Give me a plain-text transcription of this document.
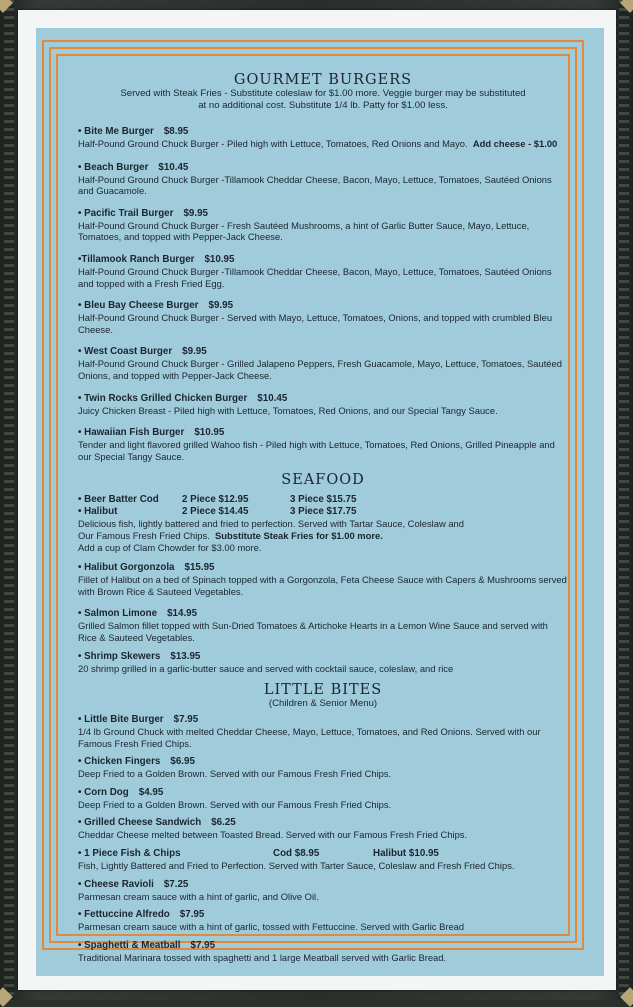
GOURMET BURGERS

Served with Steak Fries - Substitute coleslaw for $1.00 more. Veggie burger may be substituted

at no additional cost. Substitute 1/4 lb. Patty for $1.00 less.

• Bite Me Burger $8.95

Half-Pound Ground Chuck Burger - Piled high with Lettuce, Tomatoes, Red Onions and Mayo. Add cheese - $1.00

• Beach Burger $10.45

Half-Pound Ground Chuck Burger -Tillamook Cheddar Cheese, Bacon, Mayo, Lettuce, Tomatoes, Sautéed Onions and Guacamole.

• Pacific Trail Burger $9.95

Half-Pound Ground Chuck Burger - Fresh Sautéed Mushrooms, a hint of Garlic Butter Sauce, Mayo, Lettuce, Tomatoes, and topped with Pepper-Jack Cheese.

•Tillamook Ranch Burger $10.95

Half-Pound Ground Chuck Burger -Tillamook Cheddar Cheese, Bacon, Mayo, Lettuce, Tomatoes, Sautéed Onions and topped with a Fresh Fried Egg.

• Bleu Bay Cheese Burger $9.95

Half-Pound Ground Chuck Burger - Served with Mayo, Lettuce, Tomatoes, Onions, and topped with crumbled Bleu Cheese.

• West Coast Burger $9.95

Half-Pound Ground Chuck Burger - Grilled Jalapeno Peppers, Fresh Guacamole, Mayo, Lettuce, Tomatoes, Sautéed Onions, and topped with Pepper-Jack Cheese.

• Twin Rocks Grilled Chicken Burger $10.45

Juicy Chicken Breast - Piled high with Lettuce, Tomatoes, Red Onions, and our Special Tangy Sauce.

• Hawaiian Fish Burger $10.95

Tender and light flavored grilled Wahoo fish - Piled high with Lettuce, Tomatoes, Red Onions, Grilled Pineapple and our Special Tangy Sauce.

SEAFOOD
• Beer Batter Cod	2 Piece $12.95	3 Piece $15.75
• Halibut	2 Piece $14.45	3 Piece $17.75

Delicious fish, lightly battered and fried to perfection. Served with Tartar Sauce, Coleslaw and

Our Famous Fresh Fried Chips. Substitute Steak Fries for $1.00 more.

Add a cup of Clam Chowder for $3.00 more.

• Halibut Gorgonzola $15.95

Fillet of Halibut on a bed of Spinach topped with a Gorgonzola, Feta Cheese Sauce with Capers & Mushrooms served with Brown Rice & Sauteed Vegetables.

• Salmon Limone $14.95

Grilled Salmon fillet topped with Sun-Dried Tomatoes & Artichoke Hearts in a Lemon Wine Sauce and served with Rice & Sauteed Vegetables.

• Shrimp Skewers $13.95

20 shrimp grilled in a garlic-butter sauce and served with cocktail sauce, coleslaw, and rice

LITTLE BITES

(Children & Senior Menu)

• Little Bite Burger $7.95

1/4 lb Ground Chuck with melted Cheddar Cheese, Mayo, Lettuce, Tomatoes, and Red Onions. Served with our Famous Fresh Fried Chips.

• Chicken Fingers $6.95

Deep Fried to a Golden Brown. Served with our Famous Fresh Fried Chips.

• Corn Dog $4.95

Deep Fried to a Golden Brown. Served with our Famous Fresh Fried Chips.

• Grilled Cheese Sandwich $6.25

Cheddar Cheese melted between Toasted Bread. Served with our Famous Fresh Fried Chips.

• 1 Piece Fish & Chips	Cod $8.95	Halibut $10.95

Fish, Lightly Battered and Fried to Perfection. Served with Tarter Sauce, Coleslaw and Fresh Fried Chips.

• Cheese Ravioli $7.25

Parmesan cream sauce with a hint of garlic, and Olive Oil.

• Fettuccine Alfredo $7.95

Parmesan cream sauce with a hint of garlic, tossed with Fettuccine. Served with Garlic Bread

• Spaghetti & Meatball $7.95

Traditional Marinara tossed with spaghetti and 1 large Meatball served with Garlic Bread.
